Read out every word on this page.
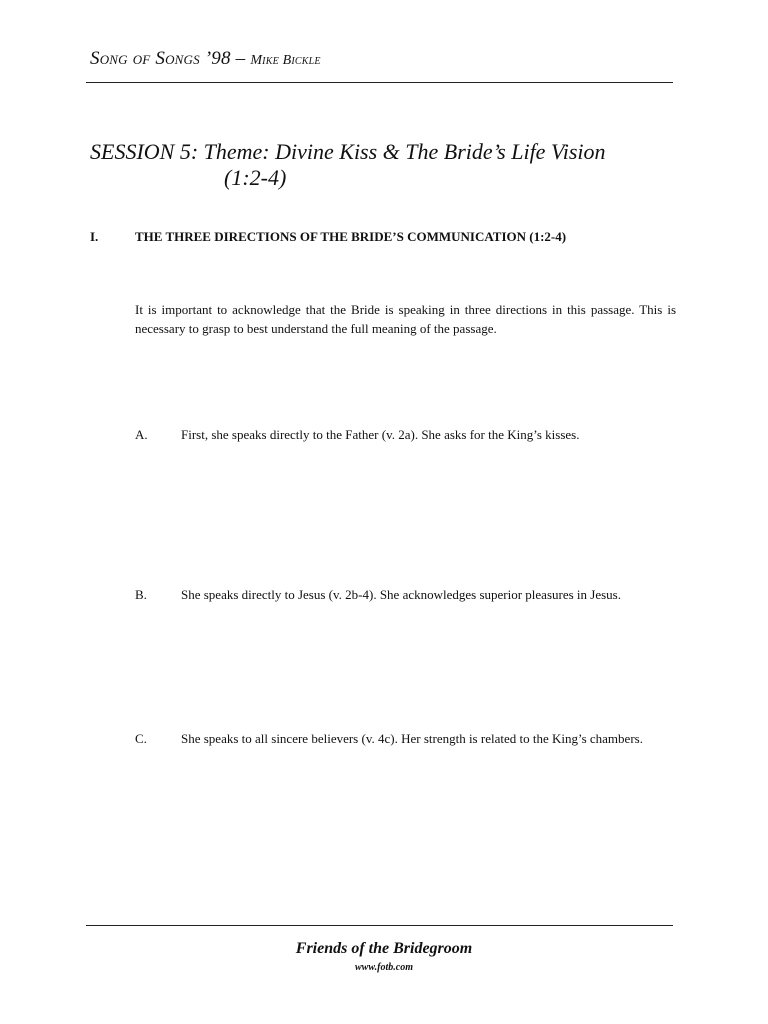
Song of Songs ’98 – Mike Bickle
SESSION 5: Theme: Divine Kiss & The Bride’s Life Vision
(1:2-4)
I.	THE THREE DIRECTIONS OF THE BRIDE’S COMMUNICATION (1:2-4)
It is important to acknowledge that the Bride is speaking in three directions in this passage. This is necessary to grasp to best understand the full meaning of the passage.
A.	First, she speaks directly to the Father (v. 2a). She asks for the King’s kisses.
B.	She speaks directly to Jesus (v. 2b-4). She acknowledges superior pleasures in Jesus.
C.	She speaks to all sincere believers (v. 4c). Her strength is related to the King’s chambers.
Friends of the Bridegroom
www.fotb.com
